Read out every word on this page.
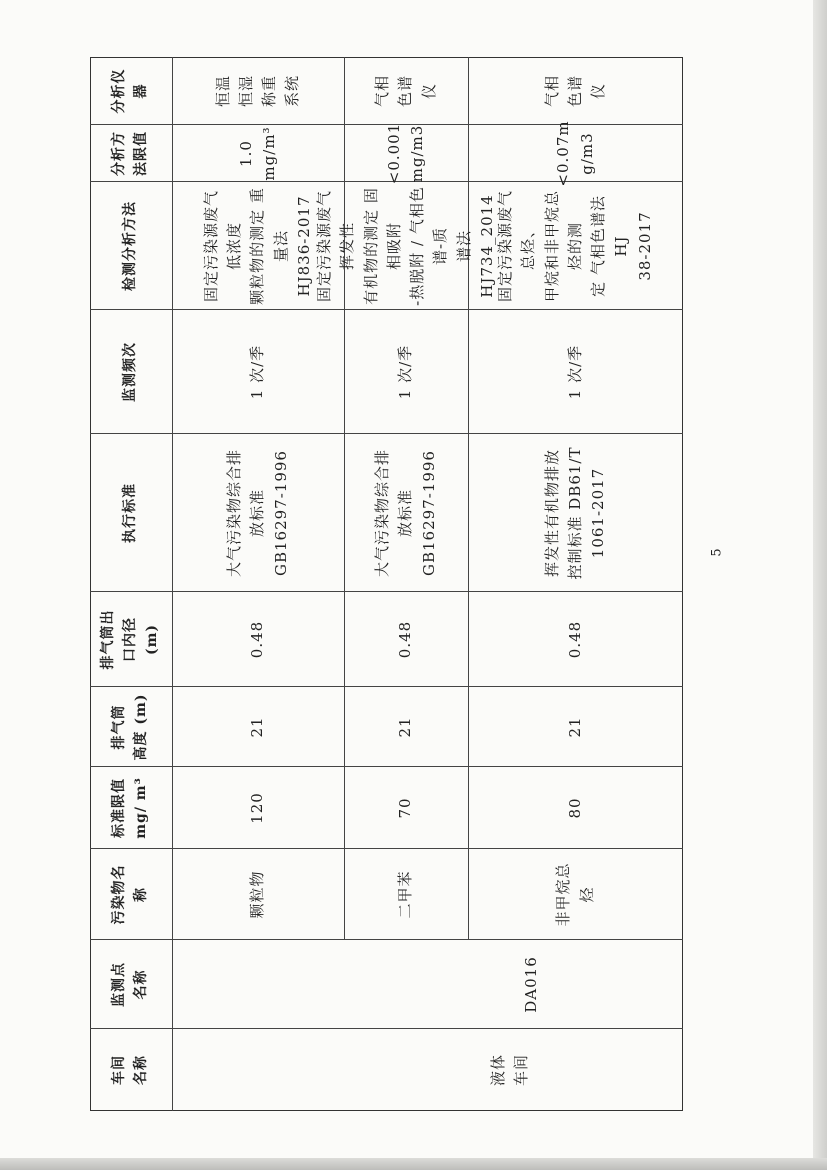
车间
名称
监测点
名称
污染物名
称
标准限值
mg/ m³
排气筒
高度 (m)
排气筒出
口内径
(m)
执行标准
监测频次
检测分析方法
分析方
法限值
分析仪
器
液体
车间
DA016
颗粒物
120
21
0.48
大气污染物综合排
放标准
GB16297-1996
1 次/季
固定污染源废气 低浓度
颗粒物的测定 重量法
HJ836-2017
1.0
mg/m³
恒温
恒湿
称重
系统
二甲苯
70
21
0.48
大气污染物综合排
放标准
GB16297-1996
1 次/季
固定污染源废气挥发性
有机物的测定 固相吸附
-热脱附 / 气相色谱-质
谱法 HJ734_2014
<0.001
mg/m3
气相
色谱
仪
非甲烷总
烃
80
21
0.48
挥发性有机物排放
控制标准 DB61/T
1061-2017
1 次/季
固定污染源废气 总烃、
甲烷和非甲烷总烃的测
定 气相色谱法 HJ
38-2017
<0.07m
g/m3
气相
色谱
仪
5
